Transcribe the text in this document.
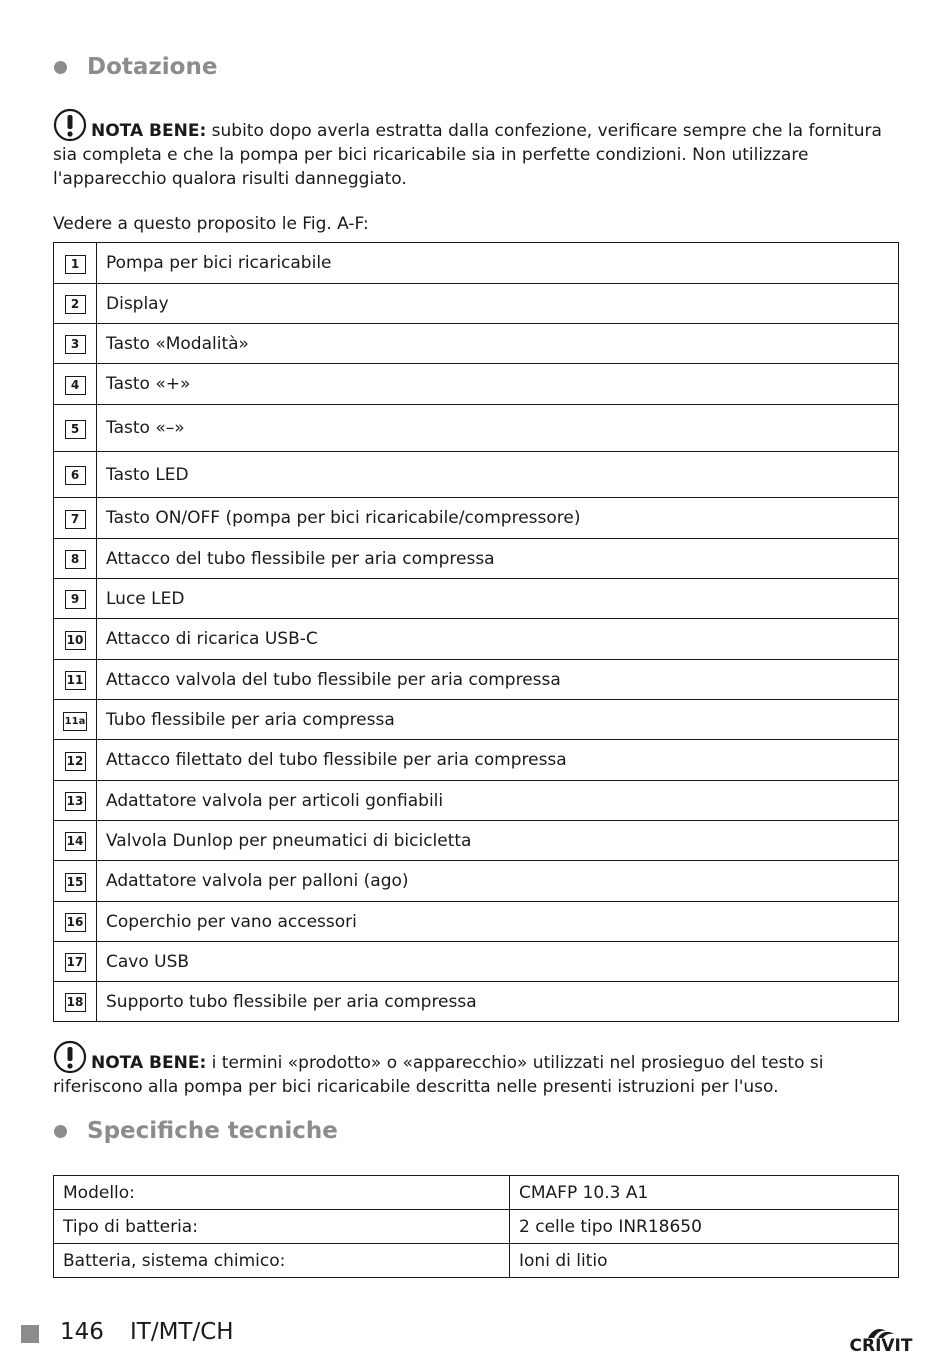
Dotazione
NOTA BENE: subito dopo averla estratta dalla confezione, verificare sempre che la fornitura sia completa e che la pompa per bici ricaricabile sia in perfette condizioni. Non utilizzare l'apparecchio qualora risulti danneggiato.
Vedere a questo proposito le Fig. A-F:
1	Pompa per bici ricaricabile
2	Display
3	Tasto «Modalità»
4	Tasto «+»
5	Tasto «–»
6	Tasto LED
7	Tasto ON/OFF (pompa per bici ricaricabile/compressore)
8	Attacco del tubo flessibile per aria compressa
9	Luce LED
10	Attacco di ricarica USB-C
11	Attacco valvola del tubo flessibile per aria compressa
11a	Tubo flessibile per aria compressa
12	Attacco filettato del tubo flessibile per aria compressa
13	Adattatore valvola per articoli gonfiabili
14	Valvola Dunlop per pneumatici di bicicletta
15	Adattatore valvola per palloni (ago)
16	Coperchio per vano accessori
17	Cavo USB
18	Supporto tubo flessibile per aria compressa
NOTA BENE: i termini «prodotto» o «apparecchio» utilizzati nel prosieguo del testo si riferiscono alla pompa per bici ricaricabile descritta nelle presenti istruzioni per l'uso.
Specifiche tecniche
Modello:	CMAFP 10.3 A1
Tipo di batteria:	2 celle tipo INR18650
Batteria, sistema chimico:	Ioni di litio
146 IT/MT/CH
CRIVIT
